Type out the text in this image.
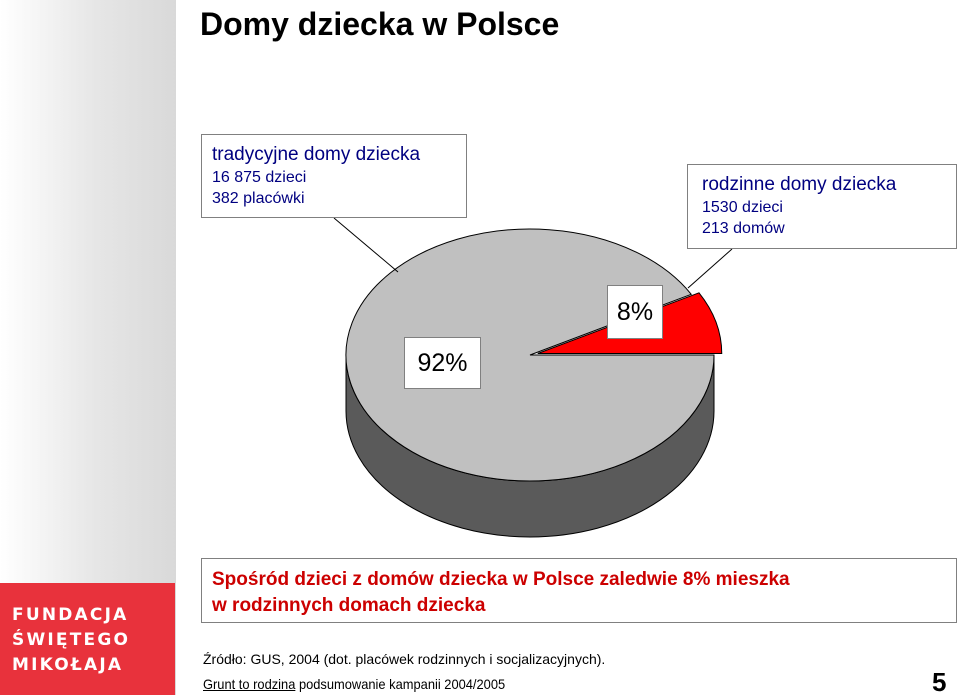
FUNDACJA
ŚWIĘTEGO
MIKOŁAJA
Domy dziecka w Polsce
tradycyjne domy dziecka
16 875 dzieci
382 placówki
rodzinne domy dziecka
1530 dzieci
213 domów
92%
8%
Spośród dzieci z domów dziecka w Polsce zaledwie 8% mieszka
w rodzinnych domach dziecka
Źródło: GUS, 2004 (dot. placówek rodzinnych i socjalizacyjnych).
Grunt to rodzina podsumowanie kampanii 2004/2005	5
